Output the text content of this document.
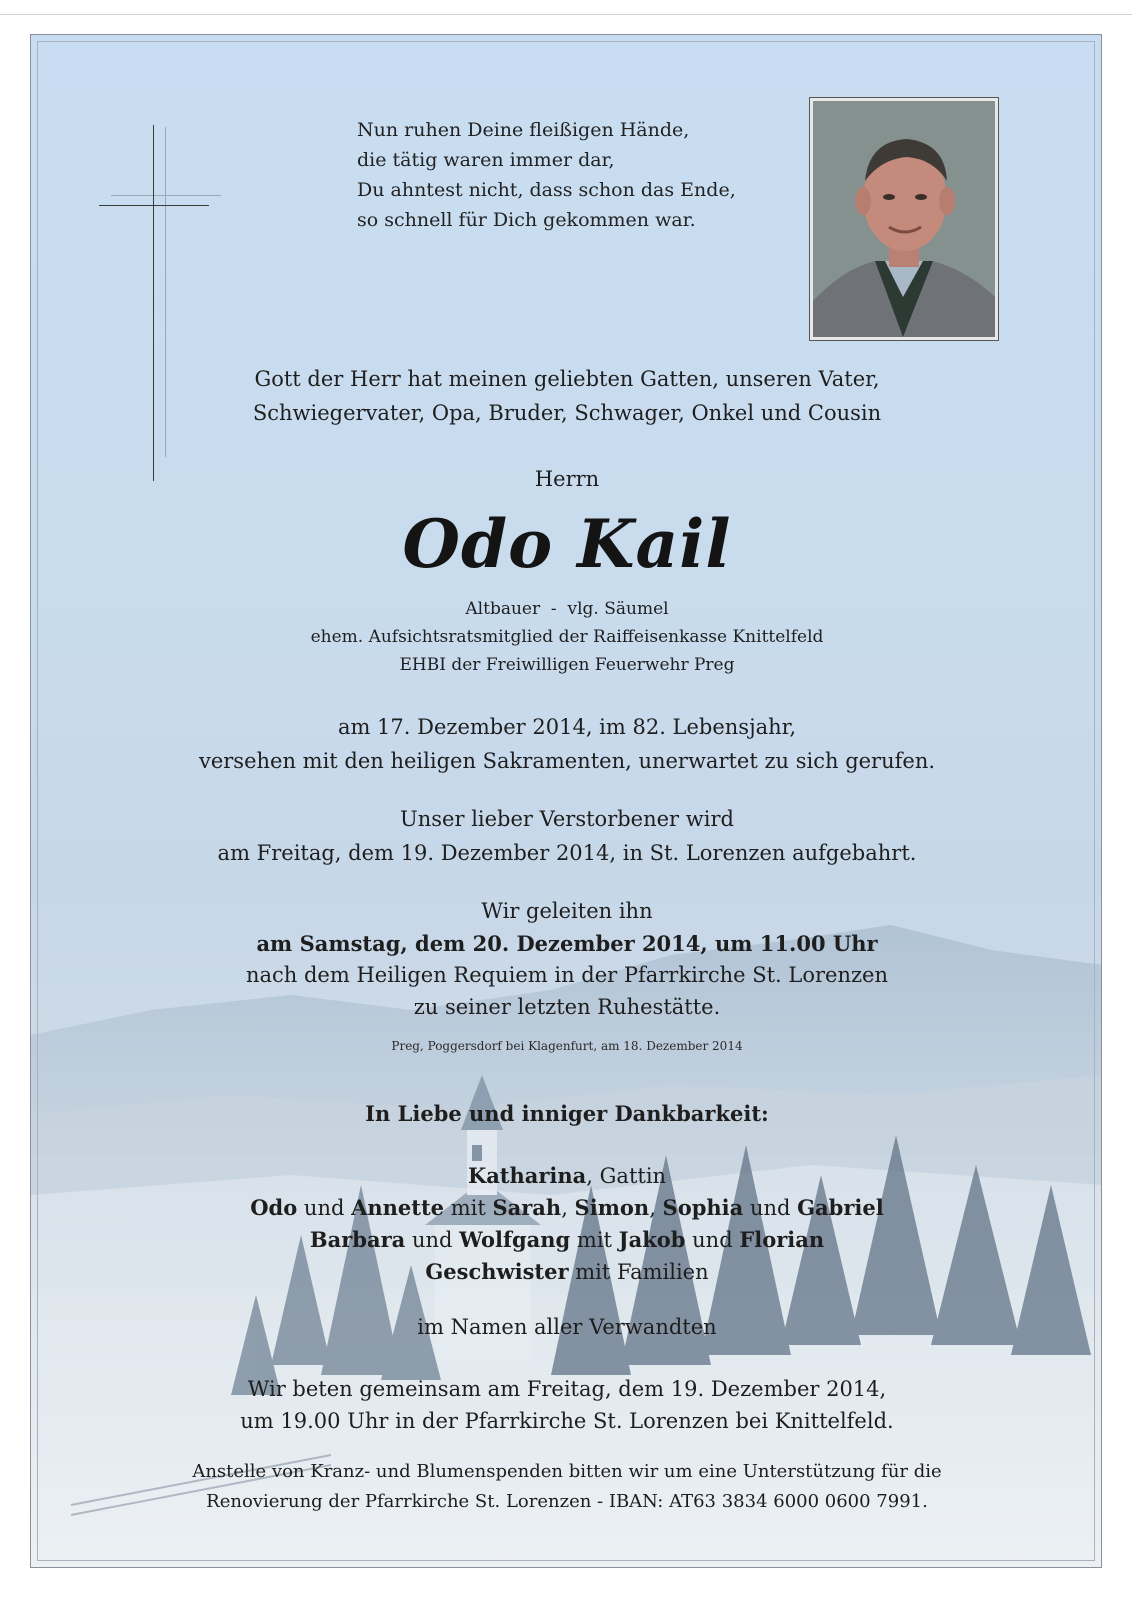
Nun ruhen Deine fleißigen Hände,
die tätig waren immer dar,
Du ahntest nicht, dass schon das Ende,
so schnell für Dich gekommen war.
Gott der Herr hat meinen geliebten Gatten, unseren Vater,
Schwiegervater, Opa, Bruder, Schwager, Onkel und Cousin
Herrn
Odo Kail
Altbauer - vlg. Säumel
ehem. Aufsichtsratsmitglied der Raiffeisenkasse Knittelfeld
EHBI der Freiwilligen Feuerwehr Preg
am 17. Dezember 2014, im 82. Lebensjahr,
versehen mit den heiligen Sakramenten, unerwartet zu sich gerufen.
Unser lieber Verstorbener wird
am Freitag, dem 19. Dezember 2014, in St. Lorenzen aufgebahrt.
Wir geleiten ihn
am Samstag, dem 20. Dezember 2014, um 11.00 Uhr
nach dem Heiligen Requiem in der Pfarrkirche St. Lorenzen
zu seiner letzten Ruhestätte.
Preg, Poggersdorf bei Klagenfurt, am 18. Dezember 2014
In Liebe und inniger Dankbarkeit:
Katharina, Gattin
Odo und Annette mit Sarah, Simon, Sophia und Gabriel
Barbara und Wolfgang mit Jakob und Florian
Geschwister mit Familien
im Namen aller Verwandten
Wir beten gemeinsam am Freitag, dem 19. Dezember 2014,
um 19.00 Uhr in der Pfarrkirche St. Lorenzen bei Knittelfeld.
Anstelle von Kranz- und Blumenspenden bitten wir um eine Unterstützung für die
Renovierung der Pfarrkirche St. Lorenzen - IBAN: AT63 3834 6000 0600 7991.
